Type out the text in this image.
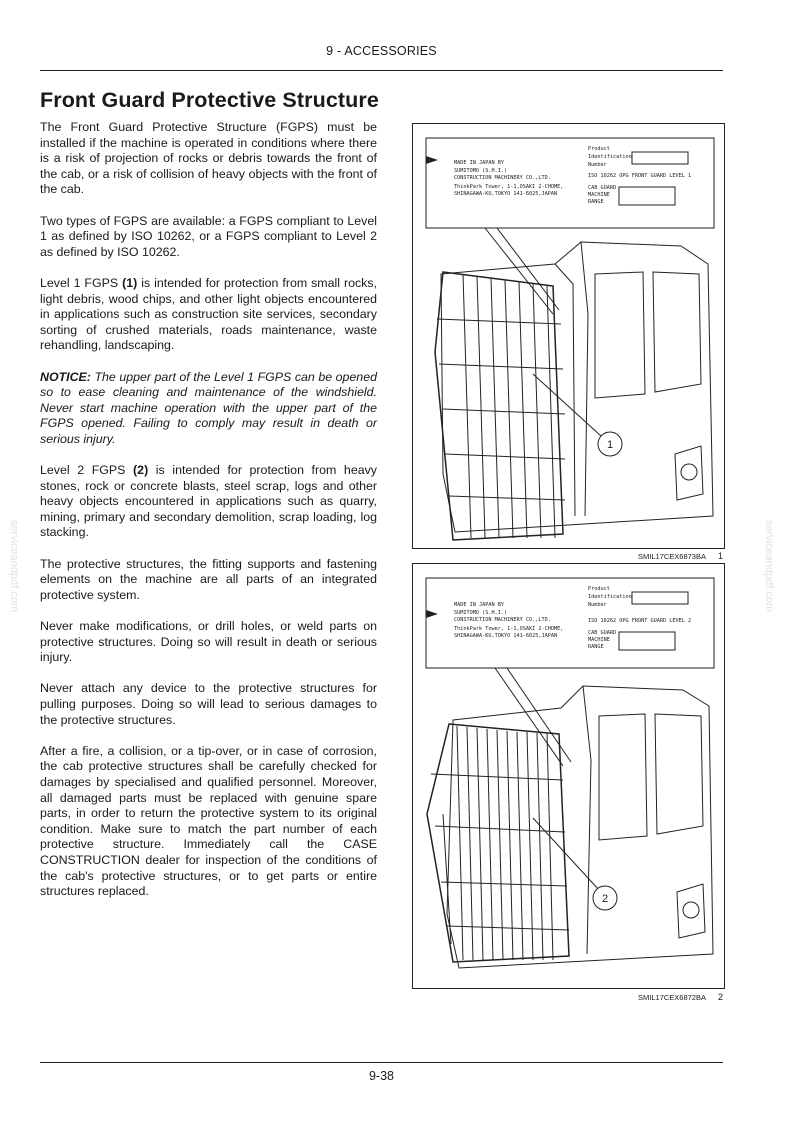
9 - ACCESSORIES
serviceandpdf.com	serviceandpdf.com
Front Guard Protective Structure

The Front Guard Protective Structure (FGPS) must be installed if the machine is operated in conditions where there is a risk of projection of rocks or debris towards the front of the cab, or a risk of collision of heavy objects with the front of the cab.

Two types of FGPS are available: a FGPS compliant to Level 1 as defined by ISO 10262, or a FGPS compliant to Level 2 as defined by ISO 10262.

Level 1 FGPS (1) is intended for protection from small rocks, light debris, wood chips, and other light objects encountered in applications such as construction site services, secondary sorting of crushed materials, roads maintenance, waste rehandling, landscaping.

NOTICE: The upper part of the Level 1 FGPS can be opened so to ease cleaning and maintenance of the windshield. Never start machine operation with the upper part of the FGPS opened. Failing to comply may result in death or serious injury.

Level 2 FGPS (2) is intended for protection from heavy stones, rock or concrete blasts, steel scrap, logs and other heavy objects encountered in applications such as quarry, mining, primary and secondary demolition, scrap loading, log stacking.

The protective structures, the fitting supports and fastening elements on the machine are all parts of an integrated protective system.

Never make modifications, or drill holes, or weld parts on protective structures. Doing so will result in death or serious injury.

Never attach any device to the protective structures for pulling purposes. Doing so will lead to serious damages to the protective structures.

After a fire, a collision, or a tip-over, or in case of corrosion, the cab protective structures shall be carefully checked for damages by specialised and qualified personnel. Moreover, all damaged parts must be replaced with genuine spare parts, in order to return the protective system to its original condition. Make sure to match the part number of each protective structure. Immediately call the CASE CONSTRUCTION dealer for inspection of the conditions of the cab's protective structures, or to get parts or entire structures replaced.

1
MADE IN JAPAN BY
SUMITOMO (S.H.I.)
CONSTRUCTION MACHINERY CO.,LTD.
ThinkPark Tower, 1-1,OSAKI 2-CHOME,
SHINAGAWA-KU,TOKYO 141-6025,JAPAN
Product
Identification
Number
ISO 10262 OPG FRONT GUARD LEVEL 1
CAB GUARD
MACHINE
RANGE
SMIL17CEX6873BA 1
2
MADE IN JAPAN BY
SUMITOMO (S.H.I.)
CONSTRUCTION MACHINERY CO.,LTD.
ThinkPark Tower, 1-1,OSAKI 2-CHOME,
SHINAGAWA-KU,TOKYO 141-6025,JAPAN
Product
Identification
Number
ISO 10262 OPG FRONT GUARD LEVEL 2
CAB GUARD
MACHINE
RANGE
SMIL17CEX6872BA 2
9-38
